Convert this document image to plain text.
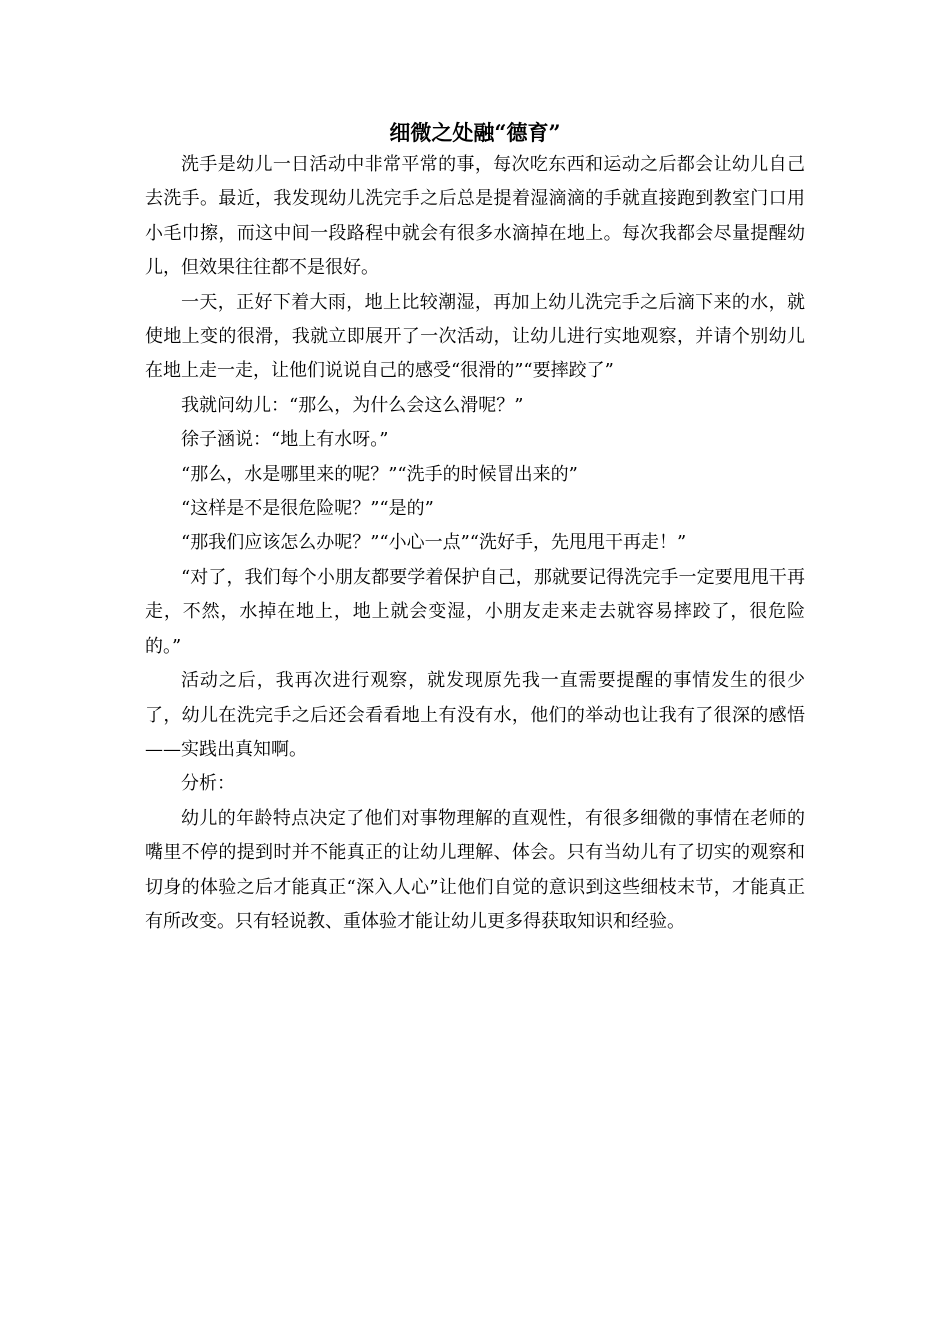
细微之处融“德育”

洗手是幼儿一日活动中非常平常的事，每次吃东西和运动之后都会让幼儿自己去洗手。最近，我发现幼儿洗完手之后总是提着湿滴滴的手就直接跑到教室门口用小毛巾擦，而这中间一段路程中就会有很多水滴掉在地上。每次我都会尽量提醒幼儿，但效果往往都不是很好。

一天，正好下着大雨，地上比较潮湿，再加上幼儿洗完手之后滴下来的水，就使地上变的很滑，我就立即展开了一次活动，让幼儿进行实地观察，并请个别幼儿在地上走一走，让他们说说自己的感受“很滑的”“要摔跤了”

我就问幼儿：“那么，为什么会这么滑呢？”

徐子涵说：“地上有水呀。”

“那么，水是哪里来的呢？”“洗手的时候冒出来的”

“这样是不是很危险呢？”“是的”

“那我们应该怎么办呢？”“小心一点”“洗好手，先甩甩干再走！”

“对了，我们每个小朋友都要学着保护自己，那就要记得洗完手一定要甩甩干再走，不然，水掉在地上，地上就会变湿，小朋友走来走去就容易摔跤了，很危险的。”

活动之后，我再次进行观察，就发现原先我一直需要提醒的事情发生的很少了，幼儿在洗完手之后还会看看地上有没有水，他们的举动也让我有了很深的感悟——实践出真知啊。

分析：

幼儿的年龄特点决定了他们对事物理解的直观性，有很多细微的事情在老师的嘴里不停的提到时并不能真正的让幼儿理解、体会。只有当幼儿有了切实的观察和切身的体验之后才能真正“深入人心”让他们自觉的意识到这些细枝末节，才能真正有所改变。只有轻说教、重体验才能让幼儿更多得获取知识和经验。
